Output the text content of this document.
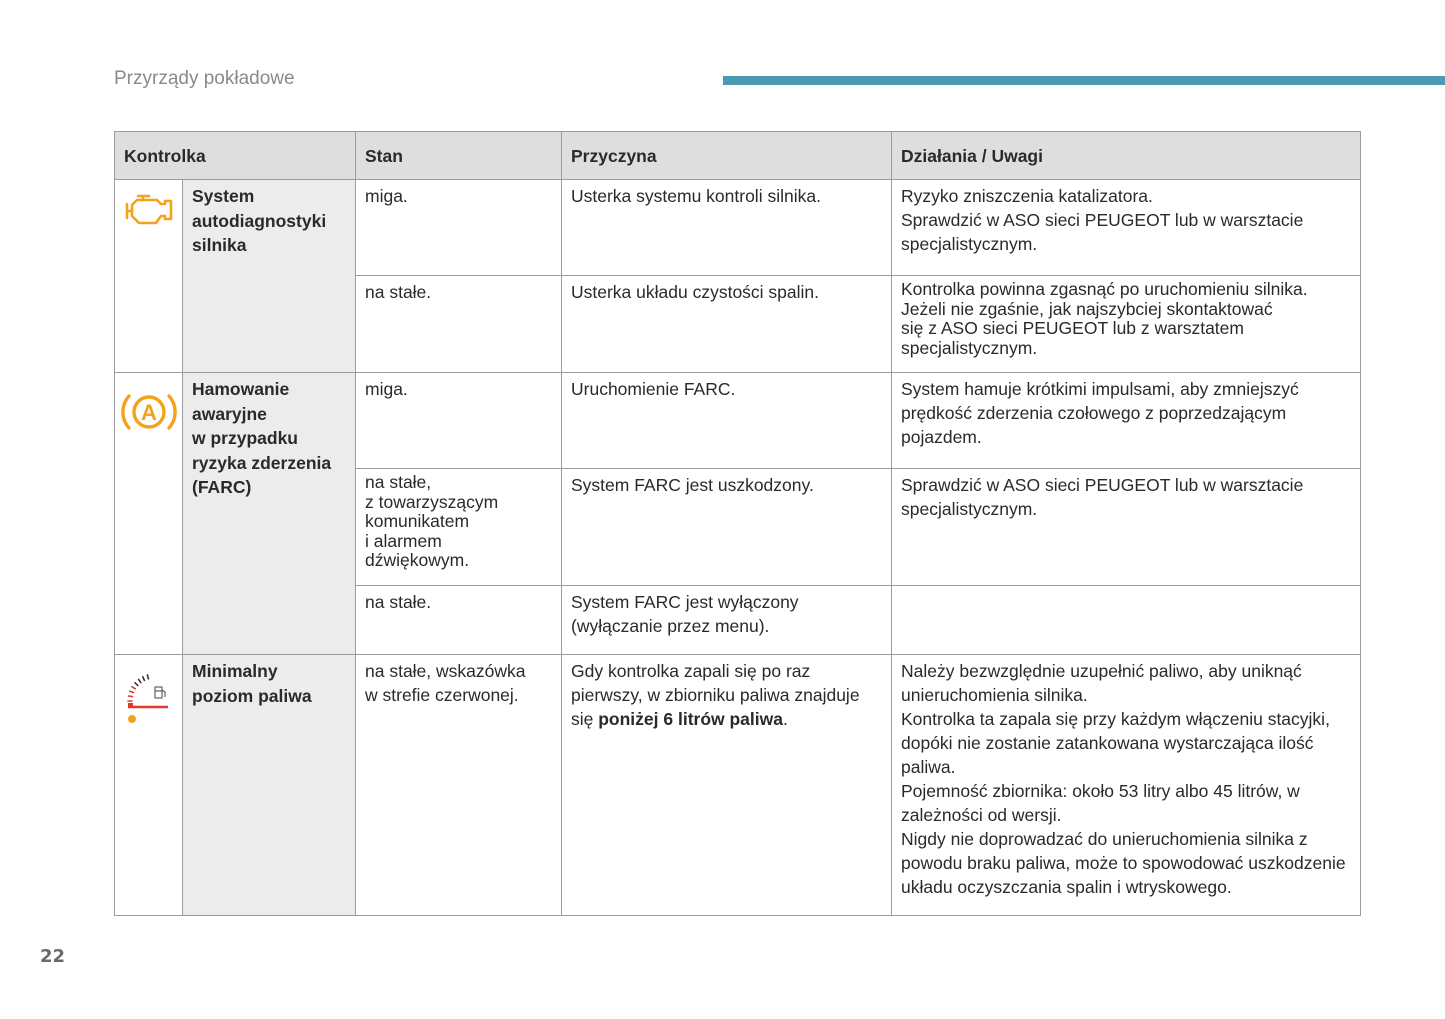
Przyrządy pokładowe
Kontrolka		Stan	Przyczyna	Działania / Uwagi

System
autodiagnostyki
silnika	miga.	Usterka systemu kontroli silnika.	Ryzyko zniszczenia katalizatora.
Sprawdzić w ASO sieci PEUGEOT lub w warsztacie specjalistycznym.

		na stałe.	Usterka układu czystości spalin.	Kontrolka powinna zgasnąć po uruchomieniu silnika.
Jeżeli nie zgaśnie, jak najszybciej skontaktować
się z ASO sieci PEUGEOT lub z warsztatem
specjalistycznym.

A	Hamowanie
awaryjne
w przypadku
ryzyka zderzenia
(FARC)	miga.	Uruchomienie FARC.	System hamuje krótkimi impulsami, aby zmniejszyć prędkość zderzenia czołowego z poprzedzającym pojazdem.

		na stałe,
z towarzyszącym
komunikatem
i alarmem
dźwiękowym.	System FARC jest uszkodzony.	Sprawdzić w ASO sieci PEUGEOT lub w warsztacie specjalistycznym.
		na stałe.	System FARC jest wyłączony
(wyłączanie przez menu).	

Minimalny
poziom paliwa	na stałe, wskazówka
w strefie czerwonej.	Gdy kontrolka zapali się po raz pierwszy, w zbiorniku paliwa znajduje się poniżej 6 litrów paliwa.	Należy bezwzględnie uzupełnić paliwo, aby uniknąć unieruchomienia silnika.
Kontrolka ta zapala się przy każdym włączeniu stacyjki, dopóki nie zostanie zatankowana wystarczająca ilość paliwa.
Pojemność zbiornika: około 53 litry albo 45 litrów, w zależności od wersji.
Nigdy nie doprowadzać do unieruchomienia silnika z powodu braku paliwa, może to spowodować uszkodzenie układu oczyszczania spalin i wtryskowego.
22
